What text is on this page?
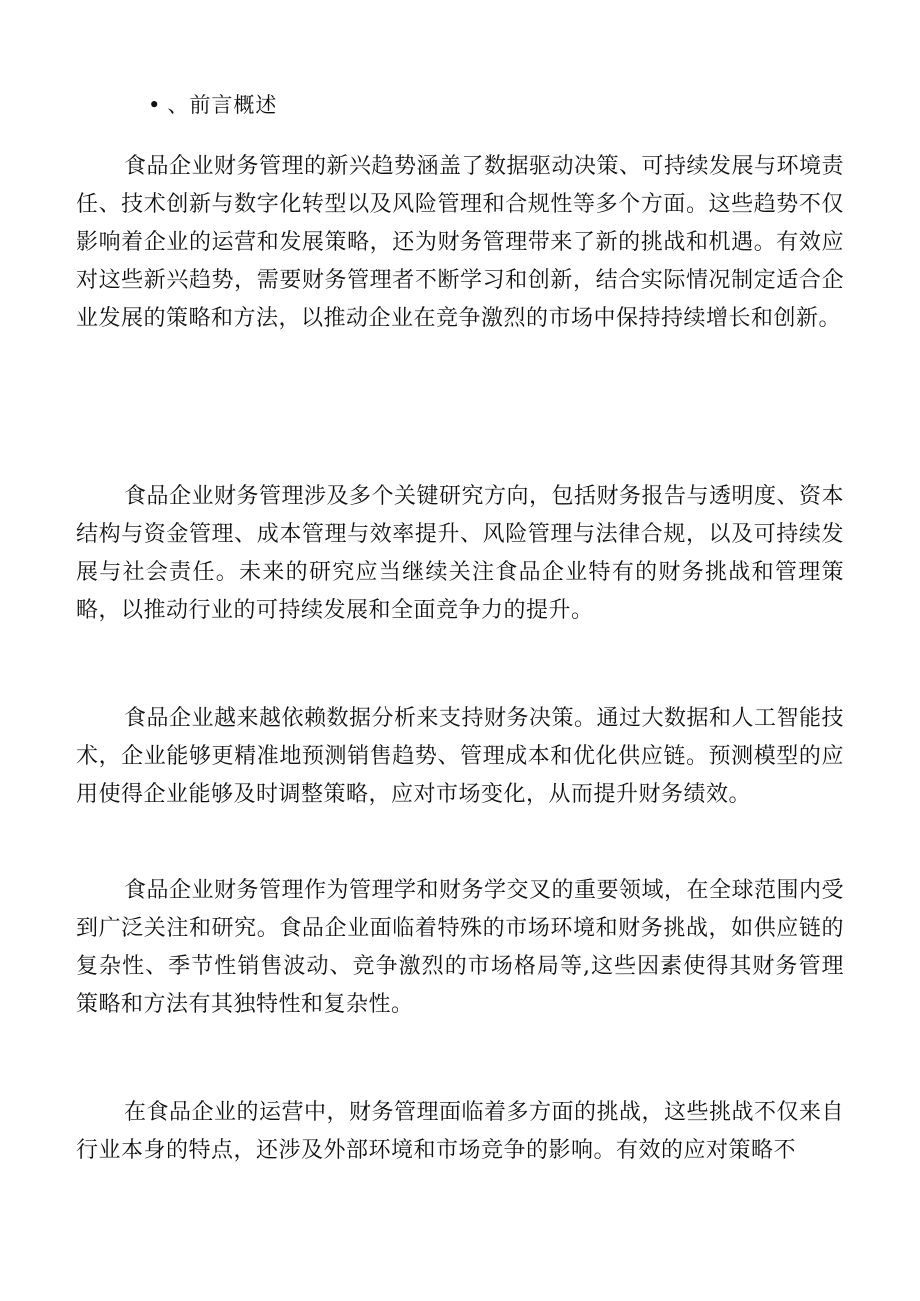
• 、前言概述

食品企业财务管理的新兴趋势涵盖了数据驱动决策、可持续发展与环境责任、技术创新与数字化转型以及风险管理和合规性等多个方面。这些趋势不仅影响着企业的运营和发展策略，还为财务管理带来了新的挑战和机遇。有效应对这些新兴趋势，需要财务管理者不断学习和创新，结合实际情况制定适合企业发展的策略和方法，以推动企业在竞争激烈的市场中保持持续增长和创新。

食品企业财务管理涉及多个关键研究方向，包括财务报告与透明度、资本结构与资金管理、成本管理与效率提升、风险管理与法律合规，以及可持续发展与社会责任。未来的研究应当继续关注食品企业特有的财务挑战和管理策略，以推动行业的可持续发展和全面竞争力的提升。

食品企业越来越依赖数据分析来支持财务决策。通过大数据和人工智能技术，企业能够更精准地预测销售趋势、管理成本和优化供应链。预测模型的应用使得企业能够及时调整策略，应对市场变化，从而提升财务绩效。

食品企业财务管理作为管理学和财务学交叉的重要领域，在全球范围内受到广泛关注和研究。食品企业面临着特殊的市场环境和财务挑战，如供应链的复杂性、季节性销售波动、竞争激烈的市场格局等,这些因素使得其财务管理策略和方法有其独特性和复杂性。

在食品企业的运营中，财务管理面临着多方面的挑战，这些挑战不仅来自行业本身的特点，还涉及外部环境和市场竞争的影响。有效的应对策略不
